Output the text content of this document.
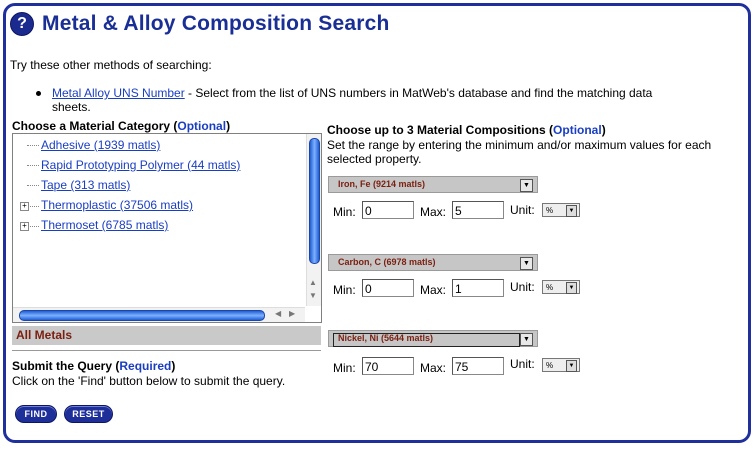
? Metal & Alloy Composition Search
Try these other methods of searching:
Metal Alloy UNS Number - Select from the list of UNS numbers in MatWeb's database and find the matching data sheets.
Choose a Material Category (Optional)
Adhesive (1939 matls)
Rapid Prototyping Polymer (44 matls)
Tape (313 matls)
+ Thermoplastic (37506 matls)
+ Thermoset (6785 matls)
▲
▼
◀ ▶
All Metals
Submit the Query (Required)
Click on the 'Find' button below to submit the query.
FIND	RESET
Choose up to 3 Material Compositions (Optional)
Set the range by entering the minimum and/or maximum values for each selected property.
Iron, Fe (9214 matls)	▼
Min: 0	Max: 5	Unit:	%	▼
Carbon, C (6978 matls)	▼
Min: 0	Max: 1	Unit:	%	▼
Nickel, Ni (5644 matls)	▼
Min: 70	Max: 75	Unit:	%	▼
